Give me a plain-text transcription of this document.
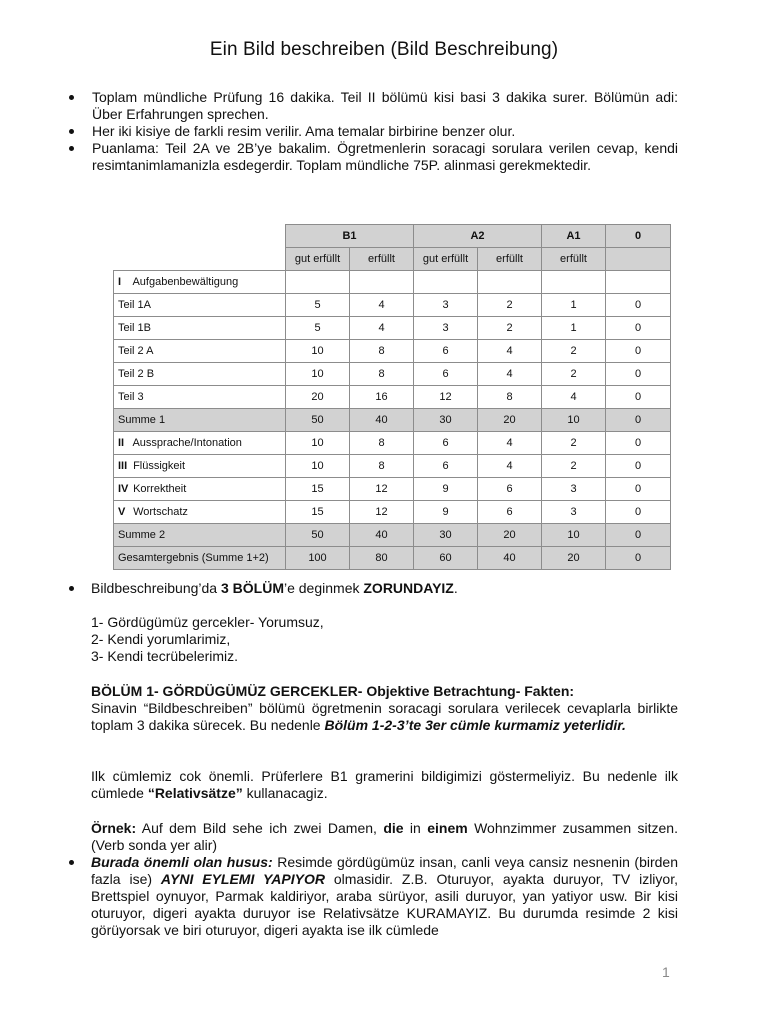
Ein Bild beschreiben (Bild Beschreibung)
Toplam mündliche Prüfung 16 dakika. Teil II bölümü kisi basi 3 dakika surer. Bölümün adi: Über Erfahrungen sprechen.
Her iki kisiye de farkli resim verilir. Ama temalar birbirine benzer olur.
Puanlama: Teil 2A ve 2B’ye bakalim. Ögretmenlerin soracagi sorulara verilen cevap, kendi resimtanimlamanizla esdegerdir. Toplam mündliche 75P. alinmasi gerekmektedir.
	B1		A2		A1	0
	gut erfüllt	erfüllt	gut erfüllt	erfüllt	erfüllt	
I Aufgabenbewältigung						
Teil 1A	5	4	3	2	1	0
Teil 1B	5	4	3	2	1	0
Teil 2 A	10	8	6	4	2	0
Teil 2 B	10	8	6	4	2	0
Teil 3	20	16	12	8	4	0
Summe 1	50	40	30	20	10	0
II Aussprache/Intonation	10	8	6	4	2	0
III Flüssigkeit	10	8	6	4	2	0
IV Korrektheit	15	12	9	6	3	0
V Wortschatz	15	12	9	6	3	0
Summe 2	50	40	30	20	10	0
Gesamtergebnis (Summe 1+2)	100	80	60	40	20	0

Bildbeschreibung’da 3 BÖLÜM’e deginmek ZORUNDAYIZ.

1- Gördügümüz gercekler- Yorumsuz,

2- Kendi yorumlarimiz,

3- Kendi tecrübelerimiz.

BÖLÜM 1- GÖRDÜGÜMÜZ GERCEKLER- Objektive Betrachtung- Fakten:

Sinavin “Bildbeschreiben” bölümü ögretmenin soracagi sorulara verilecek cevaplarla birlikte toplam 3 dakika sürecek. Bu nedenle Bölüm 1-2-3’te 3er cümle kurmamiz yeterlidir.

Ilk cümlemiz cok önemli. Prüferlere B1 gramerini bildigimizi göstermeliyiz. Bu nedenle ilk cümlede “Relativsätze” kullanacagiz.

Örnek: Auf dem Bild sehe ich zwei Damen, die in einem Wohnzimmer zusammen sitzen. (Verb sonda yer alir)

Burada önemli olan husus: Resimde gördügümüz insan, canli veya cansiz nesnenin (birden fazla ise) AYNI EYLEMI YAPIYOR olmasidir. Z.B. Oturuyor, ayakta duruyor, TV izliyor, Brettspiel oynuyor, Parmak kaldiriyor, araba sürüyor, asili duruyor, yan yatiyor usw. Bir kisi oturuyor, digeri ayakta duruyor ise Relativsätze KURAMAYIZ. Bu durumda resimde 2 kisi görüyorsak ve biri oturuyor, digeri ayakta ise ilk cümlede

1
